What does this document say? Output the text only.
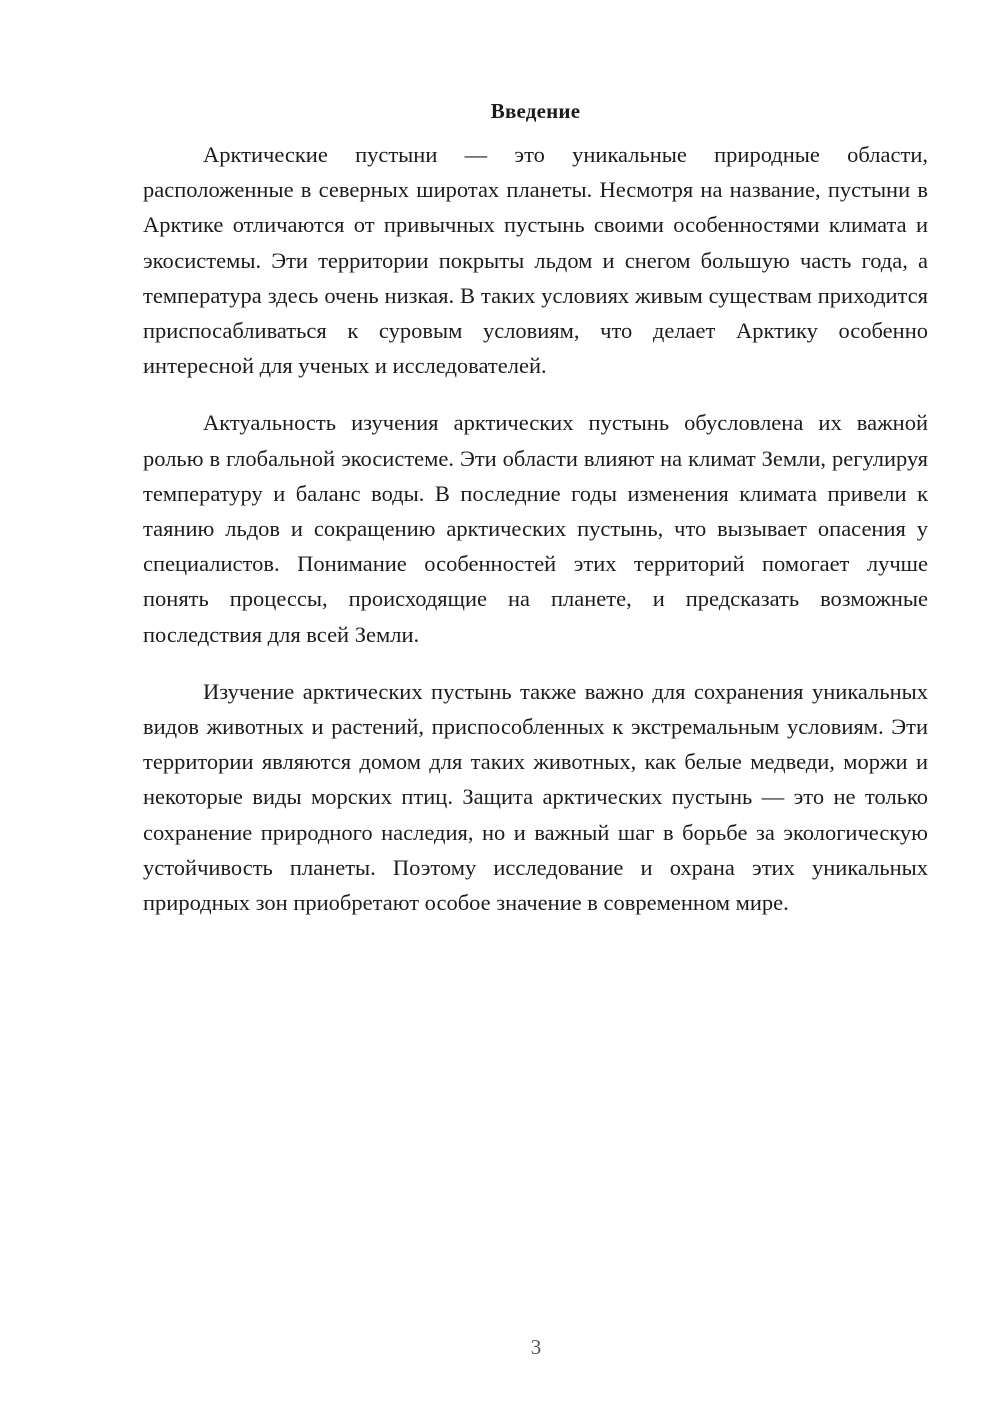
Введение

Арктические пустыни — это уникальные природные области, расположенные в северных широтах планеты. Несмотря на название, пустыни в Арктике отличаются от привычных пустынь своими особенностями климата и экосистемы. Эти территории покрыты льдом и снегом большую часть года, а температура здесь очень низкая. В таких условиях живым существам приходится приспосабливаться к суровым условиям, что делает Арктику особенно интересной для ученых и исследователей.

Актуальность изучения арктических пустынь обусловлена их важной ролью в глобальной экосистеме. Эти области влияют на климат Земли, регулируя температуру и баланс воды. В последние годы изменения климата привели к таянию льдов и сокращению арктических пустынь, что вызывает опасения у специалистов. Понимание особенностей этих территорий помогает лучше понять процессы, происходящие на планете, и предсказать возможные последствия для всей Земли.

Изучение арктических пустынь также важно для сохранения уникальных видов животных и растений, приспособленных к экстремальным условиям. Эти территории являются домом для таких животных, как белые медведи, моржи и некоторые виды морских птиц. Защита арктических пустынь — это не только сохранение природного наследия, но и важный шаг в борьбе за экологическую устойчивость планеты. Поэтому исследование и охрана этих уникальных природных зон приобретают особое значение в современном мире.

3
